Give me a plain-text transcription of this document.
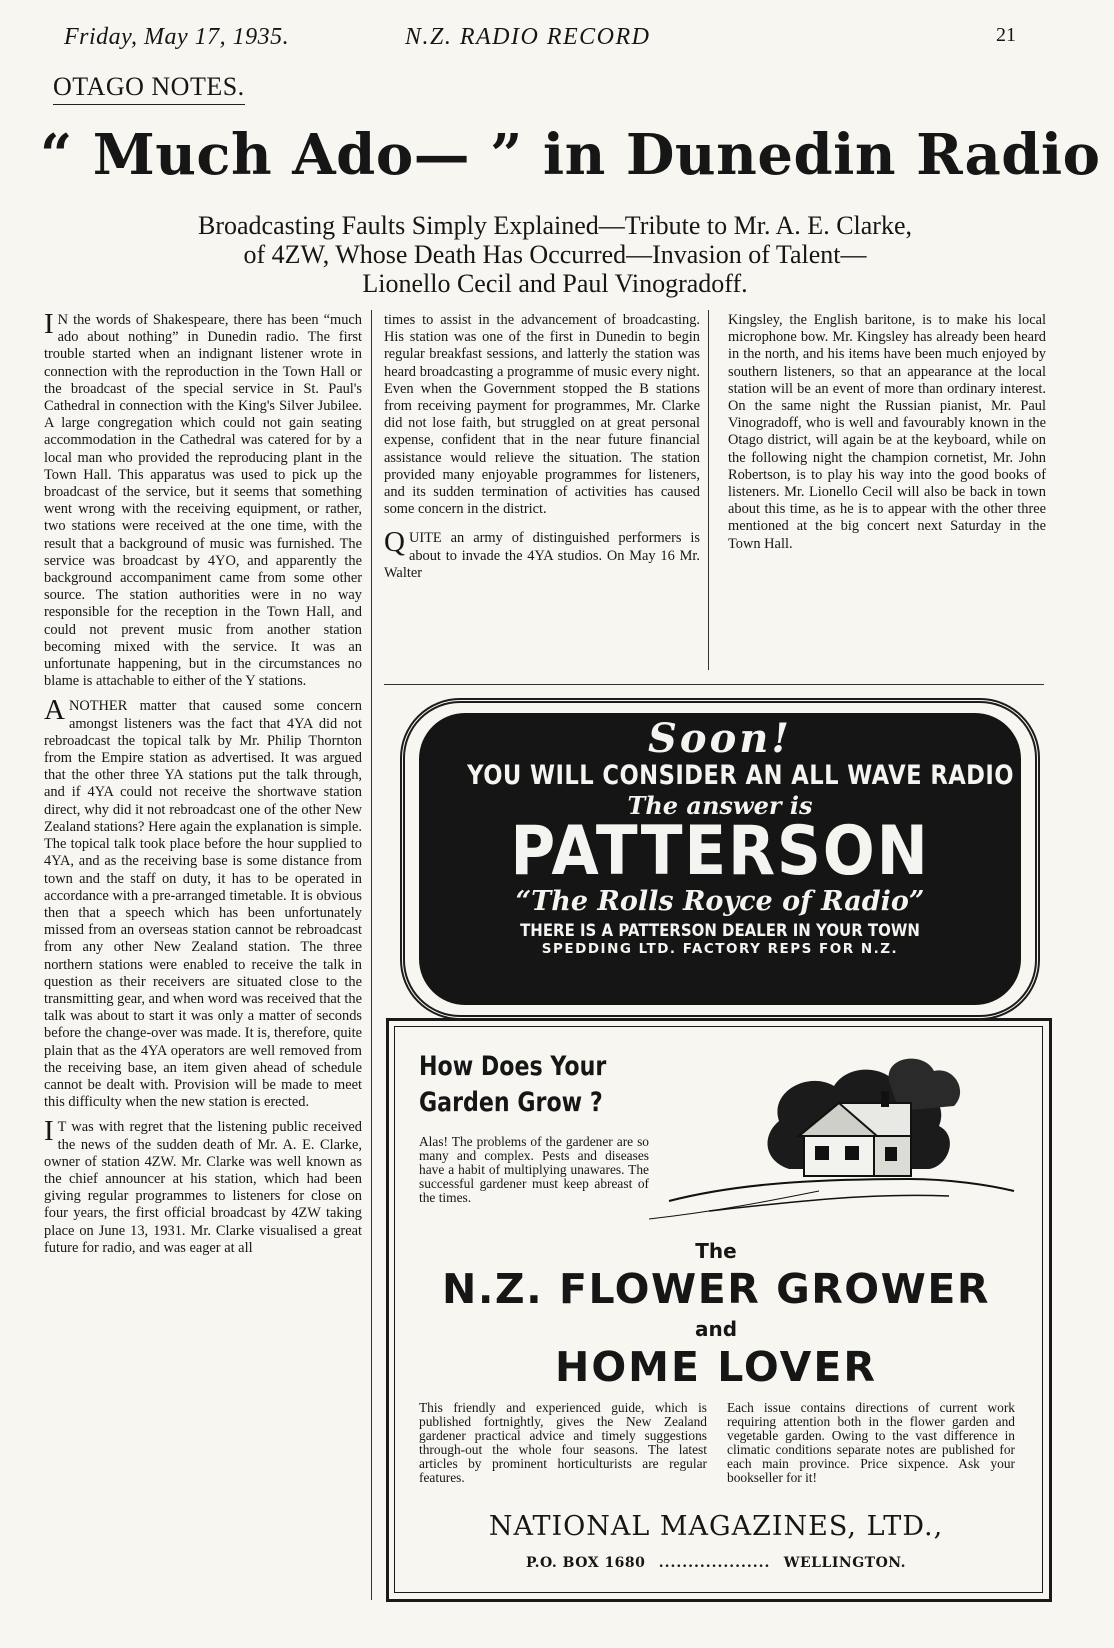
Friday, May 17, 1935.	N.Z. RADIO RECORD	21
OTAGO NOTES.
“ Much Ado— ” in Dunedin Radio
Broadcasting Faults Simply Explained—Tribute to Mr. A. E. Clarke,
of 4ZW, Whose Death Has Occurred—Invasion of Talent—
Lionello Cecil and Paul Vinogradoff.

I N the words of Shakespeare, there has been “much ado about nothing” in Dunedin radio. The first trouble started when an indignant listener wrote in connection with the reproduction in the Town Hall or the broadcast of the special service in St. Paul's Cathedral in connection with the King's Silver Jubilee. A large congregation which could not gain seating accommodation in the Cathedral was catered for by a local man who provided the reproducing plant in the Town Hall. This apparatus was used to pick up the broadcast of the service, but it seems that something went wrong with the receiving equipment, or rather, two stations were received at the one time, with the result that a background of music was furnished. The service was broadcast by 4YO, and apparently the background accompaniment came from some other source. The station authorities were in no way responsible for the reception in the Town Hall, and could not prevent music from another station becoming mixed with the service. It was an unfortunate happening, but in the circumstances no blame is attachable to either of the Y stations.

ANOTHER matter that caused some concern amongst listeners was the fact that 4YA did not rebroadcast the topical talk by Mr. Philip Thornton from the Empire station as advertised. It was argued that the other three YA stations put the talk through, and if 4YA could not receive the shortwave station direct, why did it not rebroadcast one of the other New Zealand stations? Here again the explanation is simple. The topical talk took place before the hour supplied to 4YA, and as the receiving base is some distance from town and the staff on duty, it has to be operated in accordance with a pre-arranged timetable. It is obvious then that a speech which has been unfortunately missed from an overseas station cannot be rebroadcast from any other New Zealand station. The three northern stations were enabled to receive the talk in question as their receivers are situated close to the transmitting gear, and when word was received that the talk was about to start it was only a matter of seconds before the change-over was made. It is, therefore, quite plain that as the 4YA operators are well removed from the receiving base, an item given ahead of schedule cannot be dealt with. Provision will be made to meet this difficulty when the new station is erected.

I T was with regret that the listening public received the news of the sudden death of Mr. A. E. Clarke, owner of station 4ZW. Mr. Clarke was well known as the chief announcer at his station, which had been giving regular programmes to listeners for close on four years, the first official broadcast by 4ZW taking place on June 13, 1931. Mr. Clarke visualised a great future for radio, and was eager at all

times to assist in the advancement of broadcasting. His station was one of the first in Dunedin to begin regular breakfast sessions, and latterly the station was heard broadcasting a programme of music every night. Even when the Government stopped the B stations from receiving payment for programmes, Mr. Clarke did not lose faith, but struggled on at great personal expense, confident that in the near future financial assistance would relieve the situation. The station provided many enjoyable programmes for listeners, and its sudden termination of activities has caused some concern in the district.

QUITE an army of distinguished performers is about to invade the 4YA studios. On May 16 Mr. Walter

Kingsley, the English baritone, is to make his local microphone bow. Mr. Kingsley has already been heard in the north, and his items have been much enjoyed by southern listeners, so that an appearance at the local station will be an event of more than ordinary interest. On the same night the Russian pianist, Mr. Paul Vinogradoff, who is well and favourably known in the Otago district, will again be at the keyboard, while on the following night the champion cornetist, Mr. John Robertson, is to play his way into the good books of listeners. Mr. Lionello Cecil will also be back in town about this time, as he is to appear with the other three mentioned at the big concert next Saturday in the Town Hall.

Soon!
YOU WILL CONSIDER AN ALL WAVE RADIO
The answer is
PATTERSON
“The Rolls Royce of Radio”
THERE IS A PATTERSON DEALER IN YOUR TOWN
SPEDDING LTD. FACTORY REPS FOR N.Z.
How Does Your
Garden Grow ?
Alas! The problems of the gardener are so many and complex. Pests and diseases have a habit of multiplying unawares. The successful gardener must keep abreast of the times.
The
N.Z. FLOWER GROWER
and
HOME LOVER
This friendly and experienced guide, which is published fortnightly, gives the New Zealand gardener practical advice and timely suggestions through-out the whole four seasons. The latest articles by prominent horticulturists are regular features.
Each issue contains directions of current work requiring attention both in the flower garden and vegetable garden. Owing to the vast difference in climatic conditions separate notes are published for each main province. Price sixpence. Ask your bookseller for it!
NATIONAL MAGAZINES, LTD.,
P.O. BOX 1680 ................... WELLINGTON.
